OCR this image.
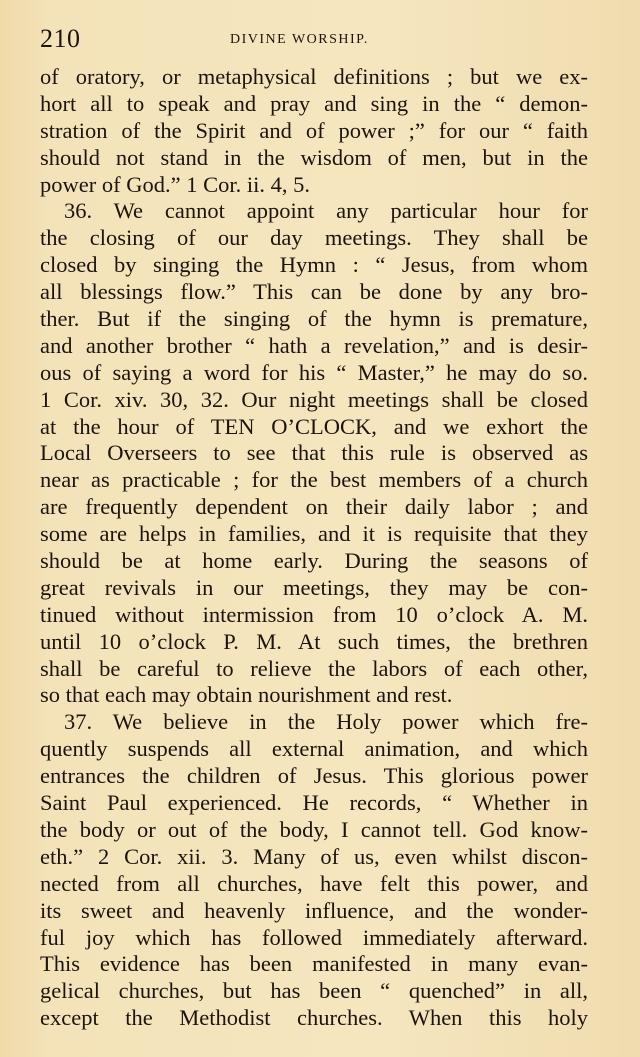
210	DIVINE WORSHIP.
of oratory, or metaphysical definitions ; but we ex-
hort all to speak and pray and sing in the “ demon-
stration of the Spirit and of power ;” for our “ faith
should not stand in the wisdom of men, but in the
power of God.” 1 Cor. ii. 4, 5.
36. We cannot appoint any particular hour for
the closing of our day meetings. They shall be
closed by singing the Hymn : “ Jesus, from whom
all blessings flow.” This can be done by any bro-
ther. But if the singing of the hymn is premature,
and another brother “ hath a revelation,” and is desir-
ous of saying a word for his “ Master,” he may do so.
1 Cor. xiv. 30, 32. Our night meetings shall be closed
at the hour of TEN O’CLOCK, and we exhort the
Local Overseers to see that this rule is observed as
near as practicable ; for the best members of a church
are frequently dependent on their daily labor ; and
some are helps in families, and it is requisite that they
should be at home early. During the seasons of
great revivals in our meetings, they may be con-
tinued without intermission from 10 o’clock A. M.
until 10 o’clock P. M. At such times, the brethren
shall be careful to relieve the labors of each other,
so that each may obtain nourishment and rest.
37. We believe in the Holy power which fre-
quently suspends all external animation, and which
entrances the children of Jesus. This glorious power
Saint Paul experienced. He records, “ Whether in
the body or out of the body, I cannot tell. God know-
eth.” 2 Cor. xii. 3. Many of us, even whilst discon-
nected from all churches, have felt this power, and
its sweet and heavenly influence, and the wonder-
ful joy which has followed immediately afterward.
This evidence has been manifested in many evan-
gelical churches, but has been “ quenched” in all,
except the Methodist churches. When this holy
